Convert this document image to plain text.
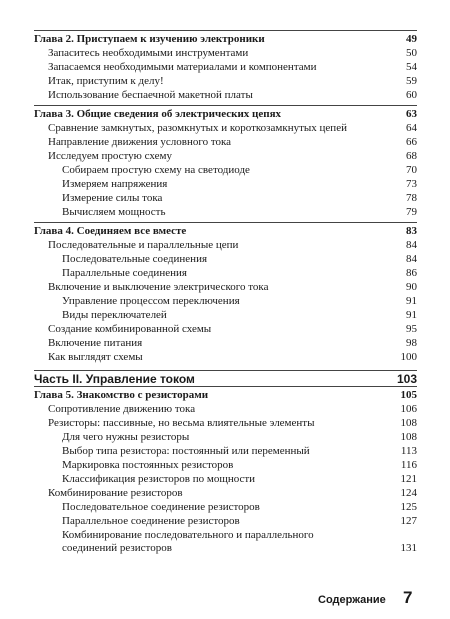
Глава 2. Приступаем к изучению электроники	49
Запаситесь необходимыми инструментами	50
Запасаемся необходимыми материалами и компонентами	54
Итак, приступим к делу!	59
Использование беспаечной макетной платы	60
Глава 3. Общие сведения об электрических цепях	63
Сравнение замкнутых, разомкнутых и короткозамкнутых цепей	64
Направление движения условного тока	66
Исследуем простую схему	68
Собираем простую схему на светодиоде	70
Измеряем напряжения	73
Измерение силы тока	78
Вычисляем мощность	79
Глава 4. Соединяем все вместе	83
Последовательные и параллельные цепи	84
Последовательные соединения	84
Параллельные соединения	86
Включение и выключение электрического тока	90
Управление процессом переключения	91
Виды переключателей	91
Создание комбинированной схемы	95
Включение питания	98
Как выглядят схемы	100
Часть II. Управление током	103
Глава 5. Знакомство с резисторами	105
Сопротивление движению тока	106
Резисторы: пассивные, но весьма влиятельные элементы	108
Для чего нужны резисторы	108
Выбор типа резистора: постоянный или переменный	113
Маркировка постоянных резисторов	116
Классификация резисторов по мощности	121
Комбинирование резисторов	124
Последовательное соединение резисторов	125
Параллельное соединение резисторов	127
Комбинирование последовательного и параллельного соединений резисторов	131
Содержание 7
